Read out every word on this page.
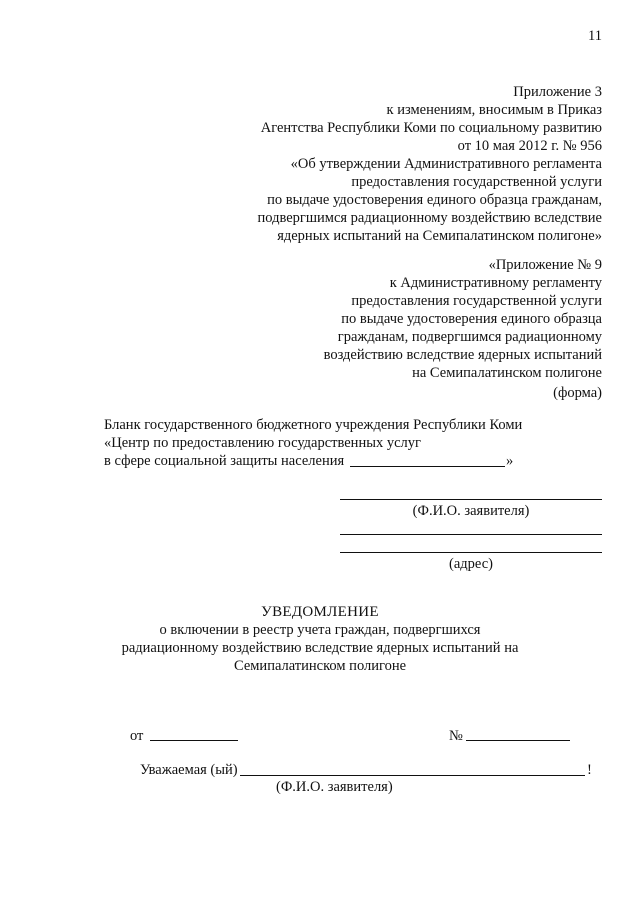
11
Приложение 3
к изменениям, вносимым в Приказ
Агентства Республики Коми по социальному развитию
от 10 мая 2012 г. № 956
«Об утверждении Административного регламента
предоставления государственной услуги
по выдаче удостоверения единого образца гражданам,
подвергшимся радиационному воздействию вследствие
ядерных испытаний на Семипалатинском полигоне»
«Приложение № 9
к Административному регламенту
предоставления государственной услуги
по выдаче удостоверения единого образца
гражданам, подвергшимся радиационному
воздействию вследствие ядерных испытаний
на Семипалатинском полигоне
(форма)
Бланк государственного бюджетного учреждения Республики Коми
«Центр по предоставлению государственных услуг
в сфере социальной защиты населения	»
(Ф.И.О. заявителя)
(адрес)
УВЕДОМЛЕНИЕ
о включении в реестр учета граждан, подвергшихся
радиационному воздействию вследствие ядерных испытаний на
Семипалатинском полигоне
от	№
Уважаемая (ый)	!
(Ф.И.О. заявителя)
